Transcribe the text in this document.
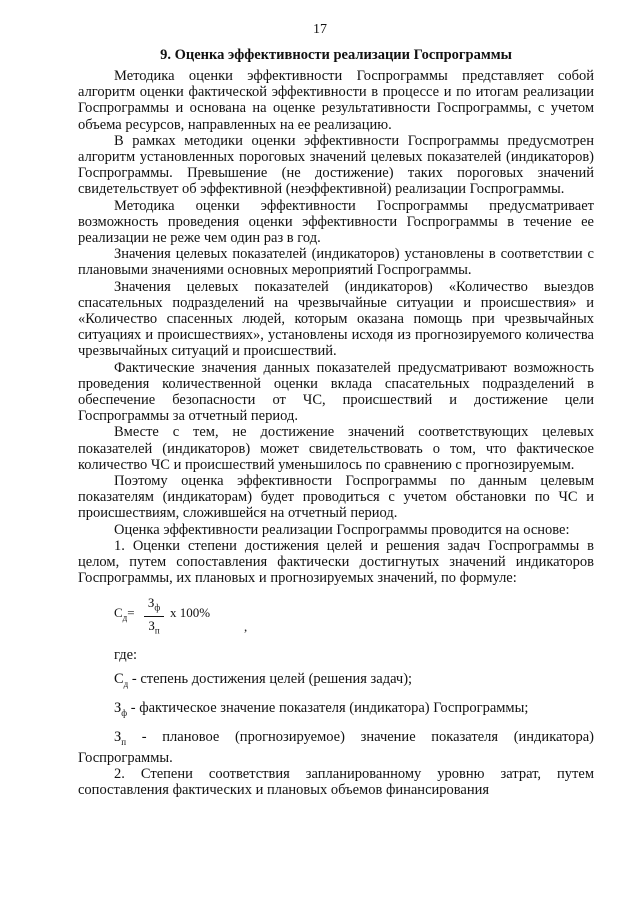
17
9. Оценка эффективности реализации Госпрограммы

Методика оценки эффективности Госпрограммы представляет собой алгоритм оценки фактической эффективности в процессе и по итогам реализации Госпрограммы и основана на оценке результативности Госпрограммы, с учетом объема ресурсов, направленных на ее реализацию.

В рамках методики оценки эффективности Госпрограммы предусмотрен алгоритм установленных пороговых значений целевых показателей (индикаторов) Госпрограммы. Превышение (не достижение) таких пороговых значений свидетельствует об эффективной (неэффективной) реализации Госпрограммы.

Методика оценки эффективности Госпрограммы предусматривает возможность проведения оценки эффективности Госпрограммы в течение ее реализации не реже чем один раз в год.

Значения целевых показателей (индикаторов) установлены в соответствии с плановыми значениями основных мероприятий Госпрограммы.

Значения целевых показателей (индикаторов) «Количество выездов спасательных подразделений на чрезвычайные ситуации и происшествия» и «Количество спасенных людей, которым оказана помощь при чрезвычайных ситуациях и происшествиях», установлены исходя из прогнозируемого количества чрезвычайных ситуаций и происшествий.

Фактические значения данных показателей предусматривают возможность проведения количественной оценки вклада спасательных подразделений в обеспечение безопасности от ЧС, происшествий и достижение цели Госпрограммы за отчетный период.

Вместе с тем, не достижение значений соответствующих целевых показателей (индикаторов) может свидетельствовать о том, что фактическое количество ЧС и происшествий уменьшилось по сравнению с прогнозируемым.

Поэтому оценка эффективности Госпрограммы по данным целевым показателям (индикаторам) будет проводиться с учетом обстановки по ЧС и происшествиям, сложившейся на отчетный период.

Оценка эффективности реализации Госпрограммы проводится на основе:

1. Оценки степени достижения целей и решения задач Госпрограммы в целом, путем сопоставления фактически достигнутых значений индикаторов Госпрограммы, их плановых и прогнозируемых значений, по формуле:

$С_д=$
$З_ф$
$З_п$
х 100%
,
где:
$С_д$ - степень достижения целей (решения задач);
$З_ф$ - фактическое значение показателя (индикатора) Госпрограммы;
$З_п$ - плановое (прогнозируемое) значение показателя (индикатора) Госпрограммы.

2. Степени соответствия запланированному уровню затрат, путем сопоставления фактических и плановых объемов финансирования
